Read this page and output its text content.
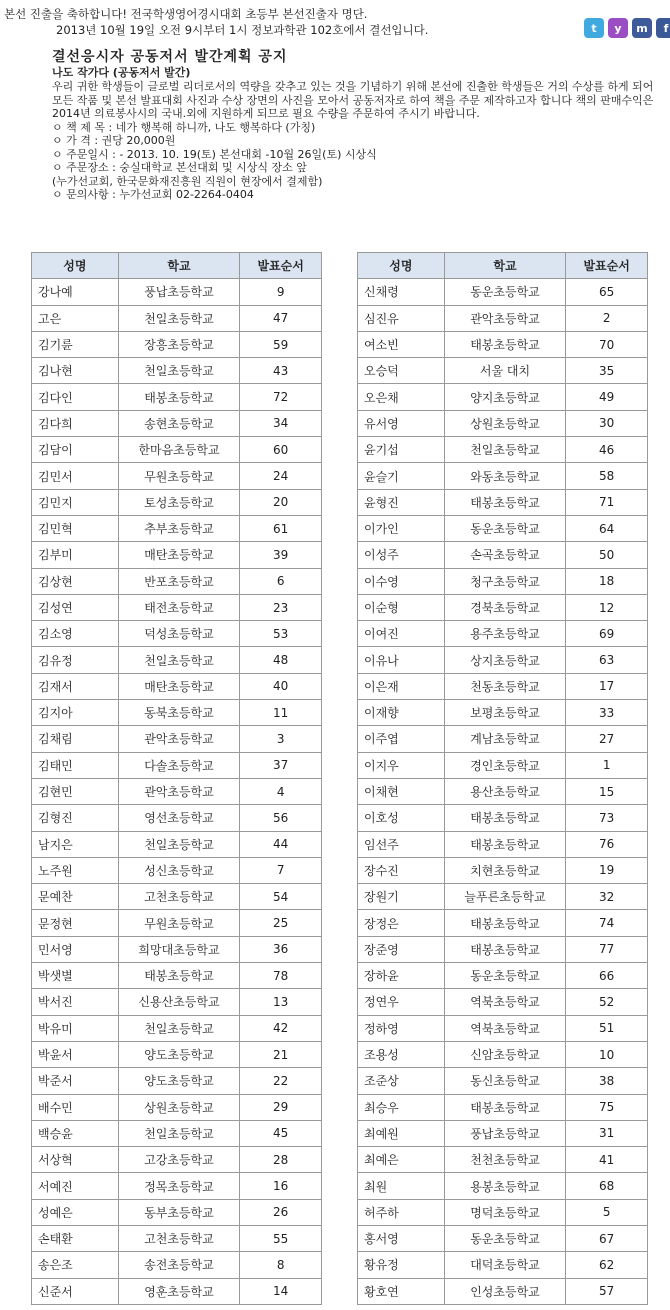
본선 진출을 축하합니다! 전국학생영어경시대회 초등부 본선진출자 명단.
2013년 10월 19일 오전 9시부터 1시 정보과학관 102호에서 결선입니다.	t	y	m	f
결선응시자 공동저서 발간계획 공지
나도 작가다 (공동저서 발간)

우리 귀한 학생들이 글로벌 리더로서의 역량을 갖추고 있는 것을 기념하기 위해 본선에 진출한 학생들은 거의 수상를 하게 되어 모든 작품 및 본선 발표대회 사진과 수상 장면의 사진을 모아서 공동저자로 하여 책을 주문 제작하고자 합니다 책의 판매수익은 2014년 의료봉사시의 국내.외에 지원하게 되므로 필요 수량을 주문하여 주시기 바랍니다.

ㅇ 책 제 목 : 네가 행복해 하니까, 나도 행복하다 (가칭)

ㅇ 가 격 : 권당 20,000원

ㅇ 주문일시 : - 2013. 10. 19(토) 본선대회 -10월 26일(토) 시상식

ㅇ 주문장소 : 숭실대학교 본선대회 및 시상식 장소 앞

(누가선교회, 한국문화재진흥원 직원이 현장에서 결제함)

ㅇ 문의사항 : 누가선교회 02-2264-0404

성명	학교	발표순서
강나예	풍납초등학교	9
고은	천일초등학교	47
김기륜	장흥초등학교	59
김나현	천일초등학교	43
김다인	태봉초등학교	72
김다희	송현초등학교	34
김담이	한마음초등학교	60
김민서	무원초등학교	24
김민지	토성초등학교	20
김민혁	추부초등학교	61
김부미	매탄초등학교	39
김상현	반포초등학교	6
김성연	태전초등학교	23
김소영	덕성초등학교	53
김유정	천일초등학교	48
김재서	매탄초등학교	40
김지아	동북초등학교	11
김채림	관악초등학교	3
김태민	다솔초등학교	37
김현민	관악초등학교	4
김형진	영선초등학교	56
남지은	천일초등학교	44
노주원	성신초등학교	7
문예찬	고천초등학교	54
문정현	무원초등학교	25
민서영	희망대초등학교	36
박샛별	태봉초등학교	78
박서진	신용산초등학교	13
박유미	천일초등학교	42
박윤서	양도초등학교	21
박준서	양도초등학교	22
배수민	상원초등학교	29
백승윤	천일초등학교	45
서상혁	고강초등학교	28
서예진	정목초등학교	16
성예은	동부초등학교	26
손태환	고천초등학교	55
송은조	송전초등학교	8
신준서	영훈초등학교	14
성명	학교	발표순서
신채령	동운초등학교	65
심진유	관악초등학교	2
여소빈	태봉초등학교	70
오승덕	서울 대치	35
오은채	양지초등학교	49
유서영	상원초등학교	30
윤기섭	천일초등학교	46
윤슬기	와동초등학교	58
윤형진	태봉초등학교	71
이가인	동운초등학교	64
이성주	손곡초등학교	50
이수영	청구초등학교	18
이순형	경북초등학교	12
이여진	용주초등학교	69
이유나	상지초등학교	63
이은재	천동초등학교	17
이재향	보평초등학교	33
이주엽	계남초등학교	27
이지우	경인초등학교	1
이채현	용산초등학교	15
이호성	태봉초등학교	73
임선주	태봉초등학교	76
장수진	치현초등학교	19
장원기	늘푸른초등학교	32
장정은	태봉초등학교	74
장준영	태봉초등학교	77
장하윤	동운초등학교	66
정연우	역북초등학교	52
정하영	역북초등학교	51
조용성	신암초등학교	10
조준상	동신초등학교	38
최승우	태봉초등학교	75
최예원	풍납초등학교	31
최예은	천천초등학교	41
최원	용봉초등학교	68
허주하	명덕초등학교	5
홍서영	동운초등학교	67
황유정	대덕초등학교	62
황호연	인성초등학교	57
